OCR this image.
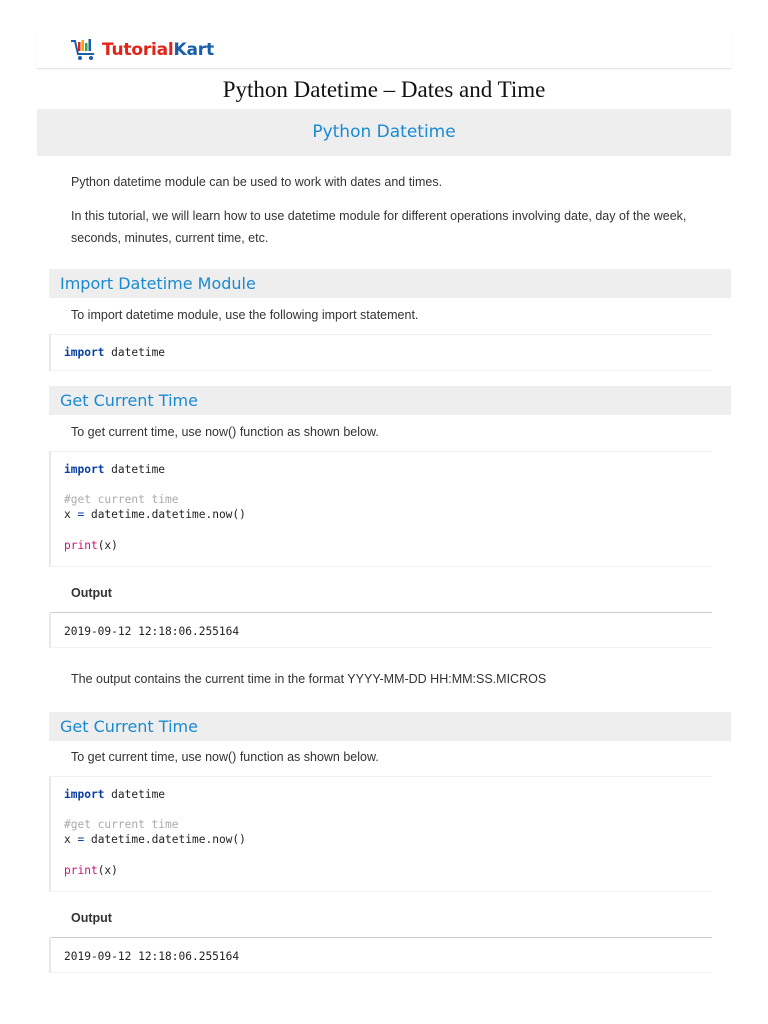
TutorialKart
Python Datetime – Dates and Time
Python Datetime
Python datetime module can be used to work with dates and times.
In this tutorial, we will learn how to use datetime module for different operations involving date, day of the week,
seconds, minutes, current time, etc.
Import Datetime Module
To import datetime module, use the following import statement.
import datetime
Get Current Time
To get current time, use now() function as shown below.
import datetime
#get current time
x = datetime.datetime.now()
print(x)
Output
2019-09-12 12:18:06.255164
The output contains the current time in the format YYYY-MM-DD HH:MM:SS.MICROS
Get Current Time
To get current time, use now() function as shown below.
import datetime
#get current time
x = datetime.datetime.now()
print(x)
Output
2019-09-12 12:18:06.255164
